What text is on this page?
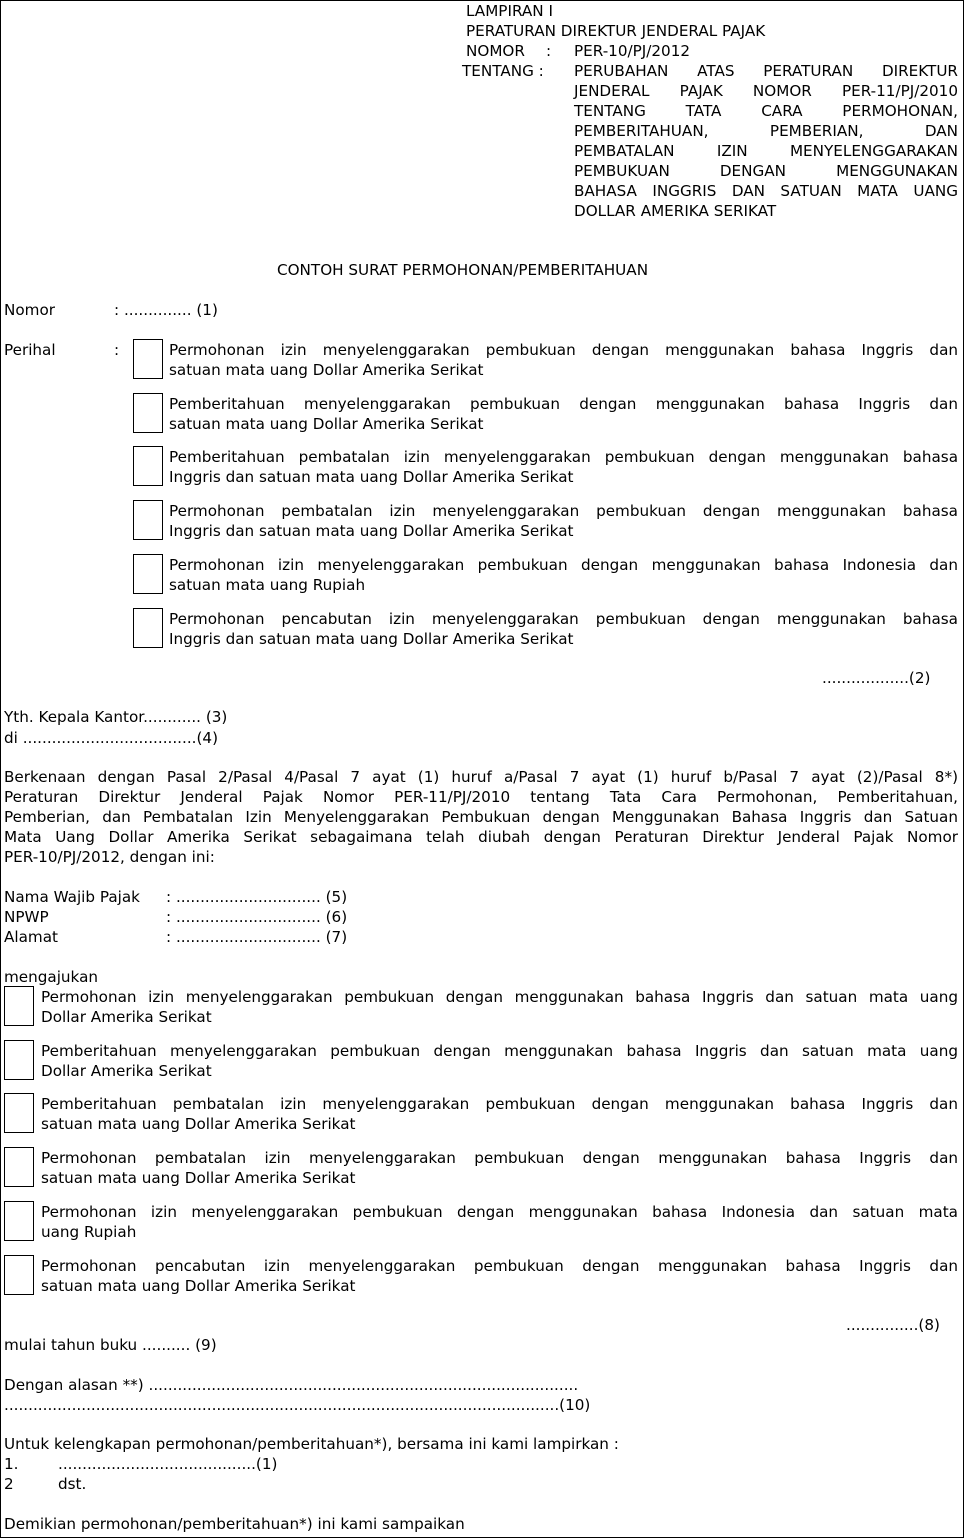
LAMPIRAN I
PERATURAN DIREKTUR JENDERAL PAJAK
NOMOR : PER-10/PJ/2012
TENTANG : PERUBAHAN ATAS PERATURAN DIREKTUR
JENDERAL PAJAK NOMOR PER-11/PJ/2010
TENTANG TATA CARA PERMOHONAN,
PEMBERITAHUAN, PEMBERIAN, DAN
PEMBATALAN IZIN MENYELENGGARAKAN
PEMBUKUAN DENGAN MENGGUNAKAN
BAHASA INGGRIS DAN SATUAN MATA UANG
DOLLAR AMERIKA SERIKAT
CONTOH SURAT PERMOHONAN/PEMBERITAHUAN
Nomor	: .............. (1)
Perihal	:	Permohonan izin menyelenggarakan pembukuan dengan menggunakan bahasa Inggris dan
satuan mata uang Dollar Amerika Serikat
Pemberitahuan menyelenggarakan pembukuan dengan menggunakan bahasa Inggris dan
satuan mata uang Dollar Amerika Serikat
Pemberitahuan pembatalan izin menyelenggarakan pembukuan dengan menggunakan bahasa
Inggris dan satuan mata uang Dollar Amerika Serikat
Permohonan pembatalan izin menyelenggarakan pembukuan dengan menggunakan bahasa
Inggris dan satuan mata uang Dollar Amerika Serikat
Permohonan izin menyelenggarakan pembukuan dengan menggunakan bahasa Indonesia dan
satuan mata uang Rupiah
Permohonan pencabutan izin menyelenggarakan pembukuan dengan menggunakan bahasa
Inggris dan satuan mata uang Dollar Amerika Serikat
..................(2)
Yth. Kepala Kantor............ (3)
di ....................................(4)
Berkenaan dengan Pasal 2/Pasal 4/Pasal 7 ayat (1) huruf a/Pasal 7 ayat (1) huruf b/Pasal 7 ayat (2)/Pasal 8*)
Peraturan Direktur Jenderal Pajak Nomor PER-11/PJ/2010 tentang Tata Cara Permohonan, Pemberitahuan,
Pemberian, dan Pembatalan Izin Menyelenggarakan Pembukuan dengan Menggunakan Bahasa Inggris dan Satuan
Mata Uang Dollar Amerika Serikat sebagaimana telah diubah dengan Peraturan Direktur Jenderal Pajak Nomor
PER-10/PJ/2012, dengan ini:
Nama Wajib Pajak : .............................. (5)
NPWP	: .............................. (6)
Alamat	: .............................. (7)
mengajukan
Permohonan izin menyelenggarakan pembukuan dengan menggunakan bahasa Inggris dan satuan mata uang
Dollar Amerika Serikat
Pemberitahuan menyelenggarakan pembukuan dengan menggunakan bahasa Inggris dan satuan mata uang
Dollar Amerika Serikat
Pemberitahuan pembatalan izin menyelenggarakan pembukuan dengan menggunakan bahasa Inggris dan
satuan mata uang Dollar Amerika Serikat
Permohonan pembatalan izin menyelenggarakan pembukuan dengan menggunakan bahasa Inggris dan
satuan mata uang Dollar Amerika Serikat
Permohonan izin menyelenggarakan pembukuan dengan menggunakan bahasa Indonesia dan satuan mata
uang Rupiah
Permohonan pencabutan izin menyelenggarakan pembukuan dengan menggunakan bahasa Inggris dan
satuan mata uang Dollar Amerika Serikat
...............(8)
mulai tahun buku .......... (9)
Dengan alasan **) .........................................................................................
...................................................................................................................(10)
Untuk kelengkapan permohonan/pemberitahuan*), bersama ini kami lampirkan :
1.	.........................................(1)
2	dst.
Demikian permohonan/pemberitahuan*) ini kami sampaikan
